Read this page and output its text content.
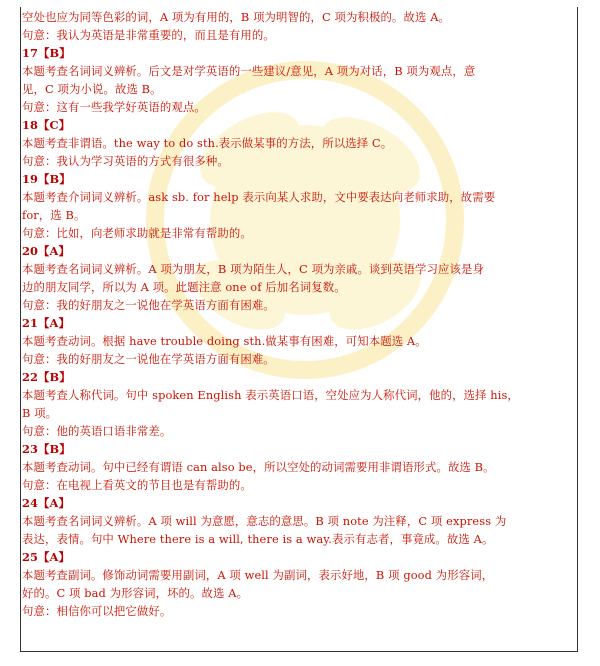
空处也应为同等色彩的词，A 项为有用的，B 项为明智的，C 项为积极的。故选 A。
句意：我认为英语是非常重要的，而且是有用的。
17【B】
本题考查名词词义辨析。后文是对学英语的一些建议/意见，A 项为对话，B 项为观点，意
见，C 项为小说。故选 B。
句意：这有一些我学好英语的观点。
18【C】
本题考查非谓语。the way to do sth.表示做某事的方法，所以选择 C。
句意：我认为学习英语的方式有很多种。
19【B】
本题考查介词词义辨析。ask sb. for help 表示向某人求助，文中要表达向老师求助，故需要
for，选 B。
句意：比如，向老师求助就是非常有帮助的。
20【A】
本题考查名词词义辨析。A 项为朋友，B 项为陌生人，C 项为亲戚。谈到英语学习应该是身
边的朋友同学，所以为 A 项。此题注意 one of 后加名词复数。
句意：我的好朋友之一说他在学英语方面有困难。
21【A】
本题考查动词。根据 have trouble doing sth.做某事有困难，可知本题选 A。
句意：我的好朋友之一说他在学英语方面有困难。
22【B】
本题考查人称代词。句中 spoken English 表示英语口语，空处应为人称代词，他的，选择 his，
B 项。
句意：他的英语口语非常差。
23【B】
本题考查动词。句中已经有谓语 can also be，所以空处的动词需要用非谓语形式。故选 B。
句意：在电视上看英文的节目也是有帮助的。
24【A】
本题考查名词词义辨析。A 项 will 为意愿，意志的意思。B 项 note 为注释，C 项 express 为
表达，表情。句中 Where there is a will, there is a way.表示有志者，事竟成。故选 A。
25【A】
本题考查副词。修饰动词需要用副词，A 项 well 为副词，表示好地，B 项 good 为形容词，
好的。C 项 bad 为形容词，坏的。故选 A。
句意：相信你可以把它做好。
